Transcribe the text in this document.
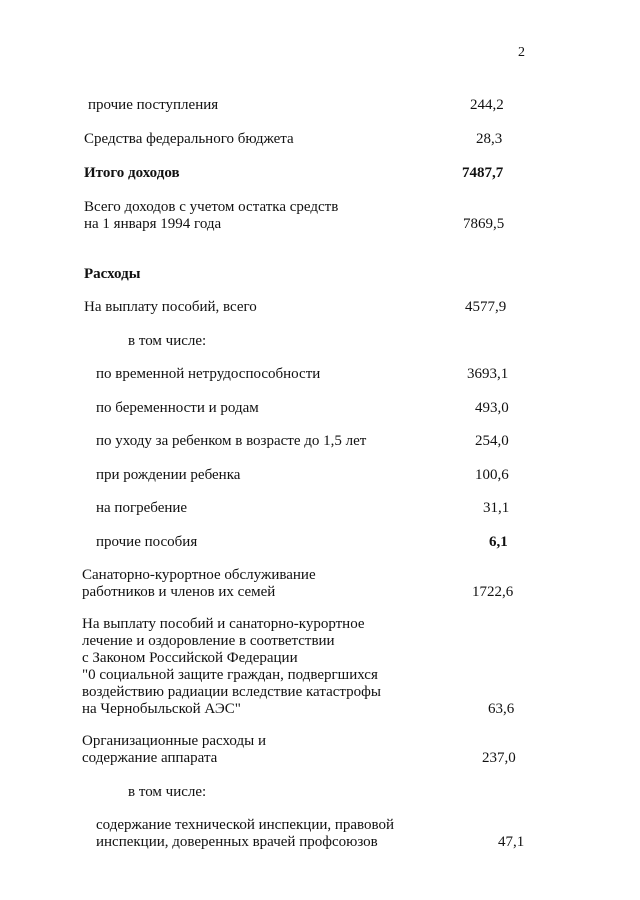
2
прочие поступления	244,2
Средства федерального бюджета	28,3
Итого доходов	7487,7
Всего доходов с учетом остатка средств
на 1 января 1994 года	7869,5
Расходы
На выплату пособий, всего	4577,9
в том числе:
по временной нетрудоспособности	3693,1
по беременности и родам	493,0
по уходу за ребенком в возрасте до 1,5 лет	254,0
при рождении ребенка	100,6
на погребение	31,1
прочие пособия	6,1
Санаторно-курортное обслуживание
работников и членов их семей	1722,6
На выплату пособий и санаторно-курортное
лечение и оздоровление в соответствии
с Законом Российской Федерации
"0 социальной защите граждан, подвергшихся
воздействию радиации вследствие катастрофы
на Чернобыльской АЭС"	63,6
Организационные расходы и
содержание аппарата	237,0
в том числе:
содержание технической инспекции, правовой
инспекции, доверенных врачей профсоюзов	47,1
